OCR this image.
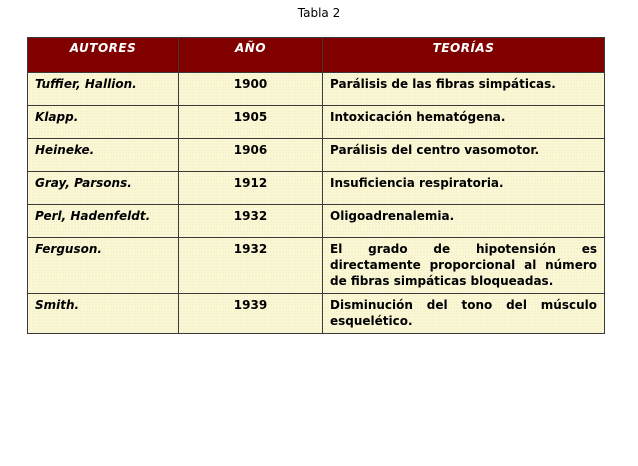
Tabla 2
AUTORES	AÑO	TEORÍAS
Tuffier, Hallion.	1900	Parálisis de las fibras simpáticas.
Klapp.	1905	Intoxicación hematógena.
Heineke.	1906	Parálisis del centro vasomotor.
Gray, Parsons.	1912	Insuficiencia respiratoria.
Perl, Hadenfeldt.	1932	Oligoadrenalemia.
Ferguson.	1932	El grado de hipotensión es directamente proporcional al número de fibras simpáticas bloqueadas.
Smith.	1939	Disminución del tono del músculo esquelético.
